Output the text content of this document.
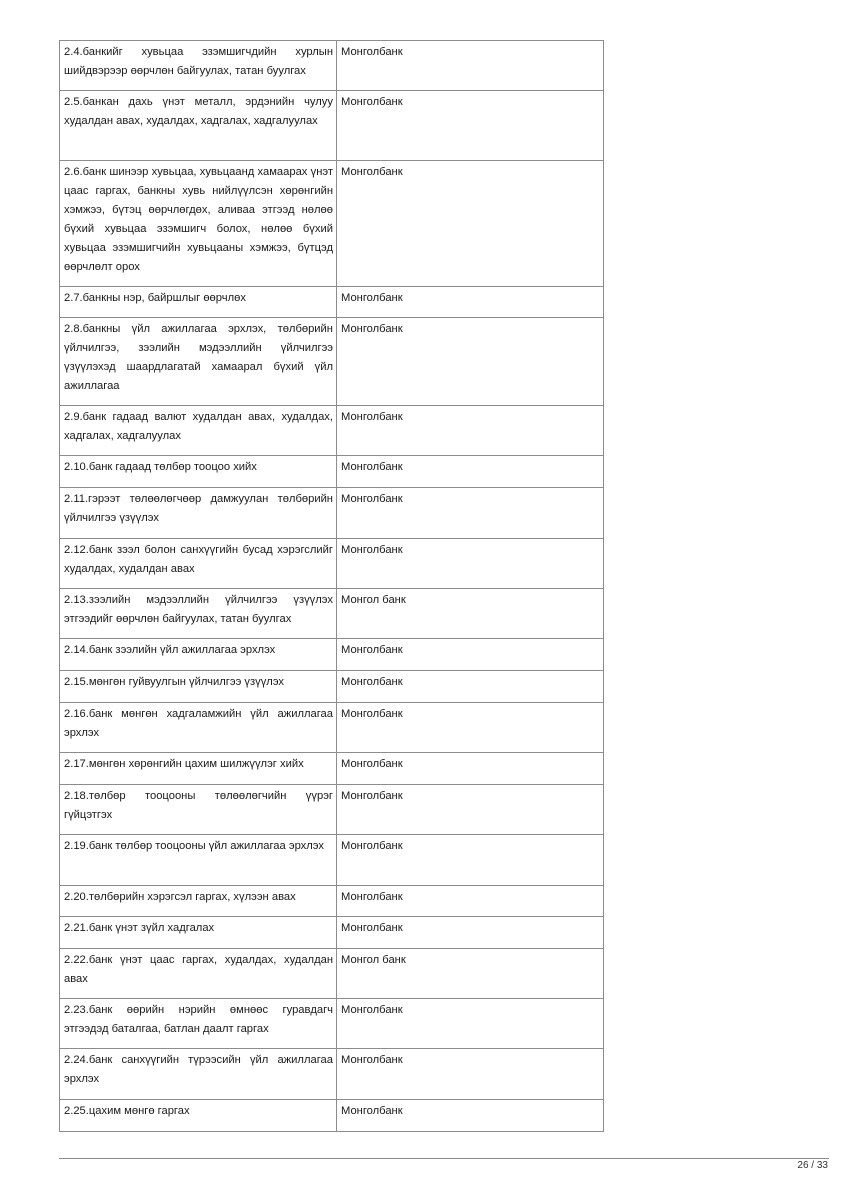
2.4.банкийг хувьцаа эзэмшигчдийн хурлын шийдвэрээр өөрчлөн байгуулах, татан буулгах	Монголбанк
2.5.банкан дахь үнэт металл, эрдэнийн чулуу худалдан авах, худалдах, хадгалах, хадгалуулах	Монголбанк
2.6.банк шинээр хувьцаа, хувьцаанд хамаарах үнэт цаас гаргах, банкны хувь нийлүүлсэн хөрөнгийн хэмжээ, бүтэц өөрчлөгдөх, аливаа этгээд нөлөө бүхий хувьцаа эзэмшигч болох, нөлөө бүхий хувьцаа эзэмшигчийн хувьцааны хэмжээ, бүтцэд өөрчлөлт орох	Монголбанк
2.7.банкны нэр, байршлыг өөрчлөх	Монголбанк
2.8.банкны үйл ажиллагаа эрхлэх, төлбөрийн үйлчилгээ, зээлийн мэдээллийн үйлчилгээ үзүүлэхэд шаардлагатай хамаарал бүхий үйл ажиллагаа	Монголбанк
2.9.банк гадаад валют худалдан авах, худалдах, хадгалах, хадгалуулах	Монголбанк
2.10.банк гадаад төлбөр тооцоо хийх	Монголбанк
2.11.гэрээт төлөөлөгчөөр дамжуулан төлбөрийн үйлчилгээ үзүүлэх	Монголбанк
2.12.банк зээл болон санхүүгийн бусад хэрэгслийг худалдах, худалдан авах	Монголбанк
2.13.зээлийн мэдээллийн үйлчилгээ үзүүлэх этгээдийг өөрчлөн байгуулах, татан буулгах	Монгол банк
2.14.банк зээлийн үйл ажиллагаа эрхлэх	Монголбанк
2.15.мөнгөн гуйвуулгын үйлчилгээ үзүүлэх	Монголбанк
2.16.банк мөнгөн хадгаламжийн үйл ажиллагаа эрхлэх	Монголбанк
2.17.мөнгөн хөрөнгийн цахим шилжүүлэг хийх	Монголбанк
2.18.төлбөр тооцооны төлөөлөгчийн үүрэг гүйцэтгэх	Монголбанк
2.19.банк төлбөр тооцооны үйл ажиллагаа эрхлэх	Монголбанк
2.20.төлбөрийн хэрэгсэл гаргах, хүлээн авах	Монголбанк
2.21.банк үнэт зүйл хадгалах	Монголбанк
2.22.банк үнэт цаас гаргах, худалдах, худалдан авах	Монгол банк
2.23.банк өөрийн нэрийн өмнөөс гуравдагч этгээдэд баталгаа, батлан даалт гаргах	Монголбанк
2.24.банк санхүүгийн түрээсийн үйл ажиллагаа эрхлэх	Монголбанк
2.25.цахим мөнгө гаргах	Монголбанк
26 / 33
